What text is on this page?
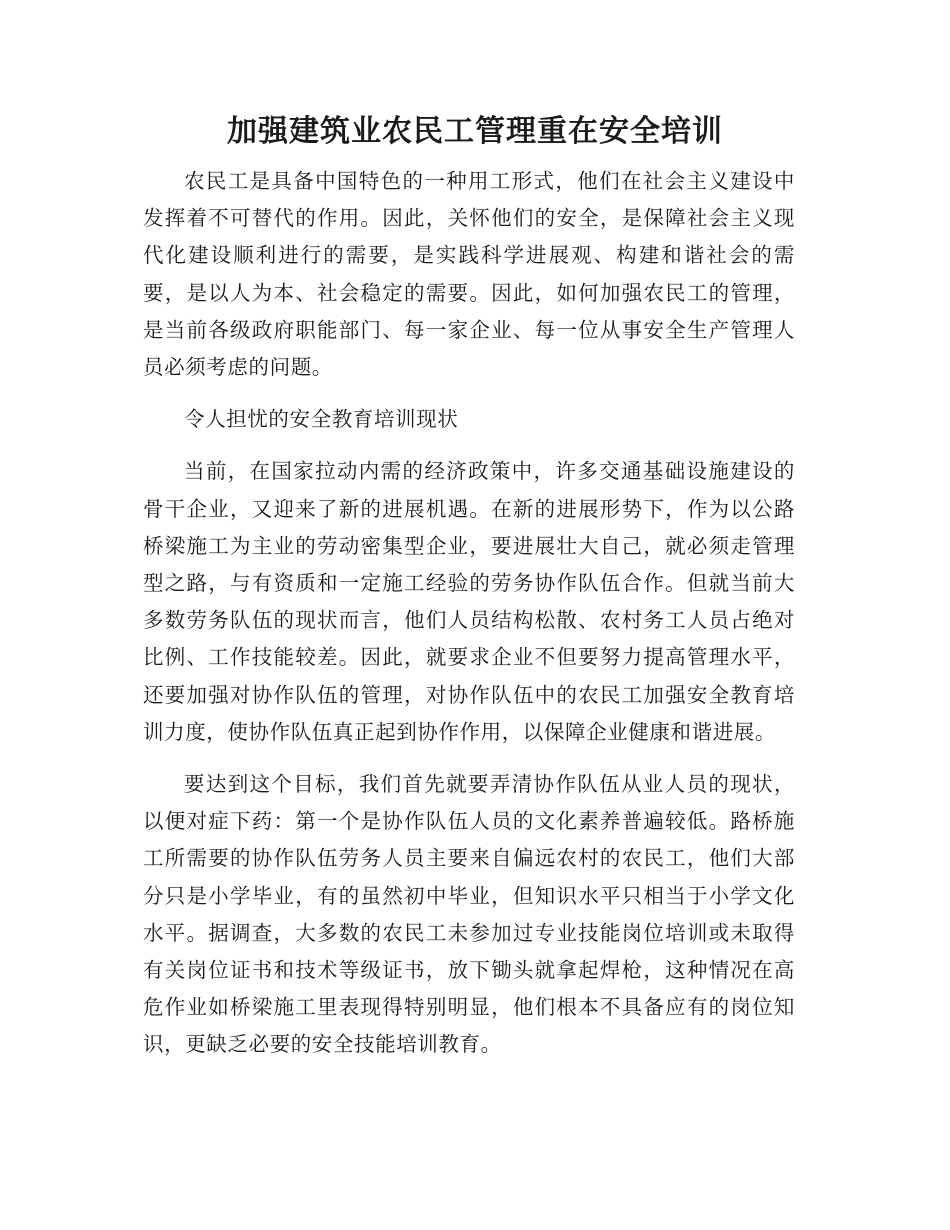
加强建筑业农民工管理重在安全培训

农民工是具备中国特色的一种用工形式，他们在社会主义建设中发挥着不可替代的作用。因此，关怀他们的安全，是保障社会主义现代化建设顺利进行的需要，是实践科学进展观、构建和谐社会的需要，是以人为本、社会稳定的需要。因此，如何加强农民工的管理，是当前各级政府职能部门、每一家企业、每一位从事安全生产管理人员必须考虑的问题。

令人担忧的安全教育培训现状

当前，在国家拉动内需的经济政策中，许多交通基础设施建设的骨干企业，又迎来了新的进展机遇。在新的进展形势下，作为以公路桥梁施工为主业的劳动密集型企业，要进展壮大自己，就必须走管理型之路，与有资质和一定施工经验的劳务协作队伍合作。但就当前大多数劳务队伍的现状而言，他们人员结构松散、农村务工人员占绝对比例、工作技能较差。因此，就要求企业不但要努力提高管理水平，还要加强对协作队伍的管理，对协作队伍中的农民工加强安全教育培训力度，使协作队伍真正起到协作作用，以保障企业健康和谐进展。

要达到这个目标，我们首先就要弄清协作队伍从业人员的现状，以便对症下药：第一个是协作队伍人员的文化素养普遍较低。路桥施工所需要的协作队伍劳务人员主要来自偏远农村的农民工，他们大部分只是小学毕业，有的虽然初中毕业，但知识水平只相当于小学文化水平。据调查，大多数的农民工未参加过专业技能岗位培训或未取得有关岗位证书和技术等级证书，放下锄头就拿起焊枪，这种情况在高危作业如桥梁施工里表现得特别明显，他们根本不具备应有的岗位知识，更缺乏必要的安全技能培训教育。
